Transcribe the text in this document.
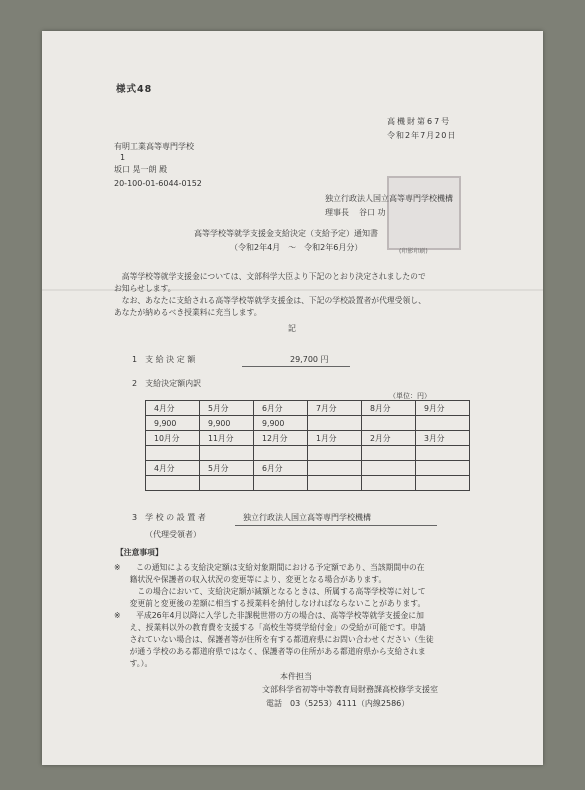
様式48
高機財第67号
令和2年7月20日
有明工業高等専門学校
1
坂口 晃一朗 殿
20-100-01-6044-0152
独立行政法人国立高等専門学校機構
理事長 谷口 功
(印影印刷)
高等学校等就学支援金支給決定（支給予定）通知書
（令和2年4月　～　令和2年6月分）
　高等学校等就学支援金については、文部科学大臣より下記のとおり決定されましたので
お知らせします。
　なお、あなたに支給される高等学校等就学支援金は、下記の学校設置者が代理受領し、
あなたが納めるべき授業料に充当します。
記
1　支 給 決 定 額	29,700 円
2　支給決定額内訳
（単位：円）
4月分	5月分	6月分	7月分	8月分	9月分
9,900	9,900	9,900			
10月分	11月分	12月分	1月分	2月分	3月分

4月分	5月分	6月分			

3　学 校 の 設 置 者	独立行政法人国立高等専門学校機構
（代理受領者）
【注意事項】
※　　この通知による支給決定額は支給対象期間における予定額であり、当該期間中の在
　　籍状況や保護者の収入状況の変更等により、変更となる場合があります。
　　　この場合において、支給決定額が減額となるときは、所属する高等学校等に対して
　　変更前と変更後の差額に相当する授業料を納付しなければならないことがあります。
※　　平成26年4月以降に入学した非課税世帯の方の場合は、高等学校等就学支援金に加
　　え、授業料以外の教育費を支援する「高校生等奨学給付金」の受給が可能です。申請
　　されていない場合は、保護者等が住所を有する都道府県にお問い合わせください（生徒
　　が通う学校のある都道府県ではなく、保護者等の住所がある都道府県から支給されま
　　す。）。
本件担当
文部科学省初等中等教育局財務課高校修学支援室
電話　03（5253）4111（内線2586）
